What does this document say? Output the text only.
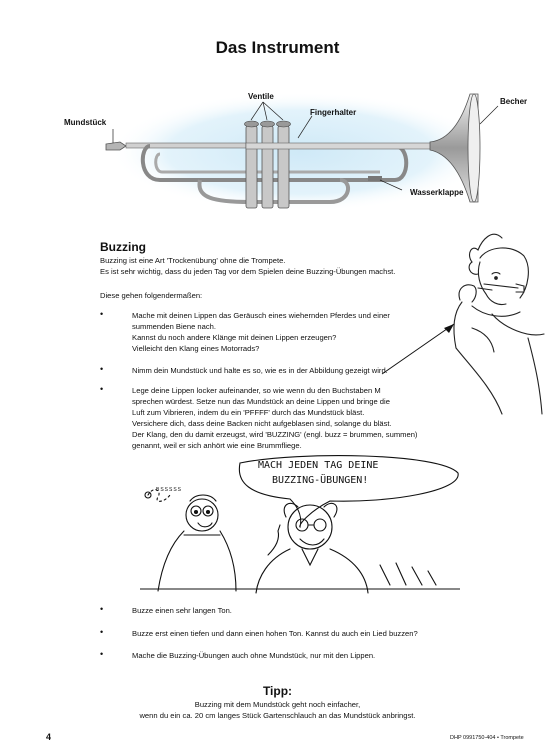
Das Instrument
Ventile
Fingerhalter
Becher
Mundstück
Wasserklappe
Buzzing
Buzzing ist eine Art 'Trockenübung' ohne die Trompete.
Es ist sehr wichtig, dass du jeden Tag vor dem Spielen deine Buzzing-Übungen machst.
Diese gehen folgendermaßen:
•	Mache mit deinen Lippen das Geräusch eines wiehernden Pferdes und einer
summenden Biene nach.
Kannst du noch andere Klänge mit deinen Lippen erzeugen?
Vielleicht den Klang eines Motorrads?
•	Nimm dein Mundstück und halte es so, wie es in der Abbildung gezeigt wird.
•	Lege deine Lippen locker aufeinander, so wie wenn du den Buchstaben M
sprechen würdest. Setze nun das Mundstück an deine Lippen und bringe die
Luft zum Vibrieren, indem du ein 'PFFFF' durch das Mundstück bläst.
Versichere dich, dass deine Backen nicht aufgeblasen sind, solange du bläst.
Der Klang, den du damit erzeugst, wird 'BUZZING' (engl. buzz = brummen, summen)
genannt, weil er sich anhört wie eine Brummfliege.
MACH JEDEN TAG DEINE
BUZZING-ÜBUNGEN!
BSSSSS
•	Buzze einen sehr langen Ton.
•	Buzze erst einen tiefen und dann einen hohen Ton. Kannst du auch ein Lied buzzen?
•	Mache die Buzzing-Übungen auch ohne Mundstück, nur mit den Lippen.
Tipp:
Buzzing mit dem Mundstück geht noch einfacher,
wenn du ein ca. 20 cm langes Stück Gartenschlauch an das Mundstück anbringst.
4	DHP 0991750-404 • Trompete
